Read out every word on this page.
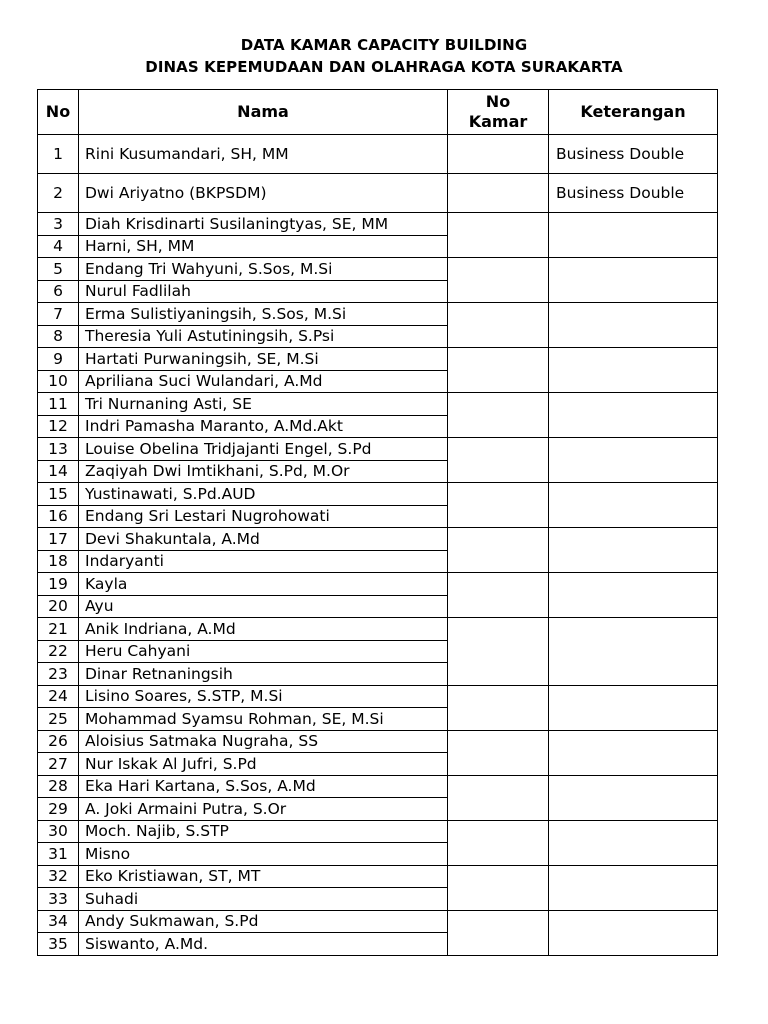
DATA KAMAR CAPACITY BUILDING
DINAS KEPEMUDAAN DAN OLAHRAGA KOTA SURAKARTA
No	Nama	No Kamar	Keterangan
1	Rini Kusumandari, SH, MM		Business Double
2	Dwi Ariyatno (BKPSDM)		Business Double
3	Diah Krisdinarti Susilaningtyas, SE, MM		
4	Harni, SH, MM		
5	Endang Tri Wahyuni, S.Sos, M.Si		
6	Nurul Fadlilah		
7	Erma Sulistiyaningsih, S.Sos, M.Si		
8	Theresia Yuli Astutiningsih, S.Psi		
9	Hartati Purwaningsih, SE, M.Si		
10	Apriliana Suci Wulandari, A.Md		
11	Tri Nurnaning Asti, SE		
12	Indri Pamasha Maranto, A.Md.Akt		
13	Louise Obelina Tridjajanti Engel, S.Pd		
14	Zaqiyah Dwi Imtikhani, S.Pd, M.Or		
15	Yustinawati, S.Pd.AUD		
16	Endang Sri Lestari Nugrohowati		
17	Devi Shakuntala, A.Md		
18	Indaryanti		
19	Kayla		
20	Ayu		
21	Anik Indriana, A.Md		
22	Heru Cahyani		
23	Dinar Retnaningsih		
24	Lisino Soares, S.STP, M.Si		
25	Mohammad Syamsu Rohman, SE, M.Si		
26	Aloisius Satmaka Nugraha, SS		
27	Nur Iskak Al Jufri, S.Pd		
28	Eka Hari Kartana, S.Sos, A.Md		
29	A. Joki Armaini Putra, S.Or		
30	Moch. Najib, S.STP		
31	Misno		
32	Eko Kristiawan, ST, MT		
33	Suhadi		
34	Andy Sukmawan, S.Pd		
35	Siswanto, A.Md.		
